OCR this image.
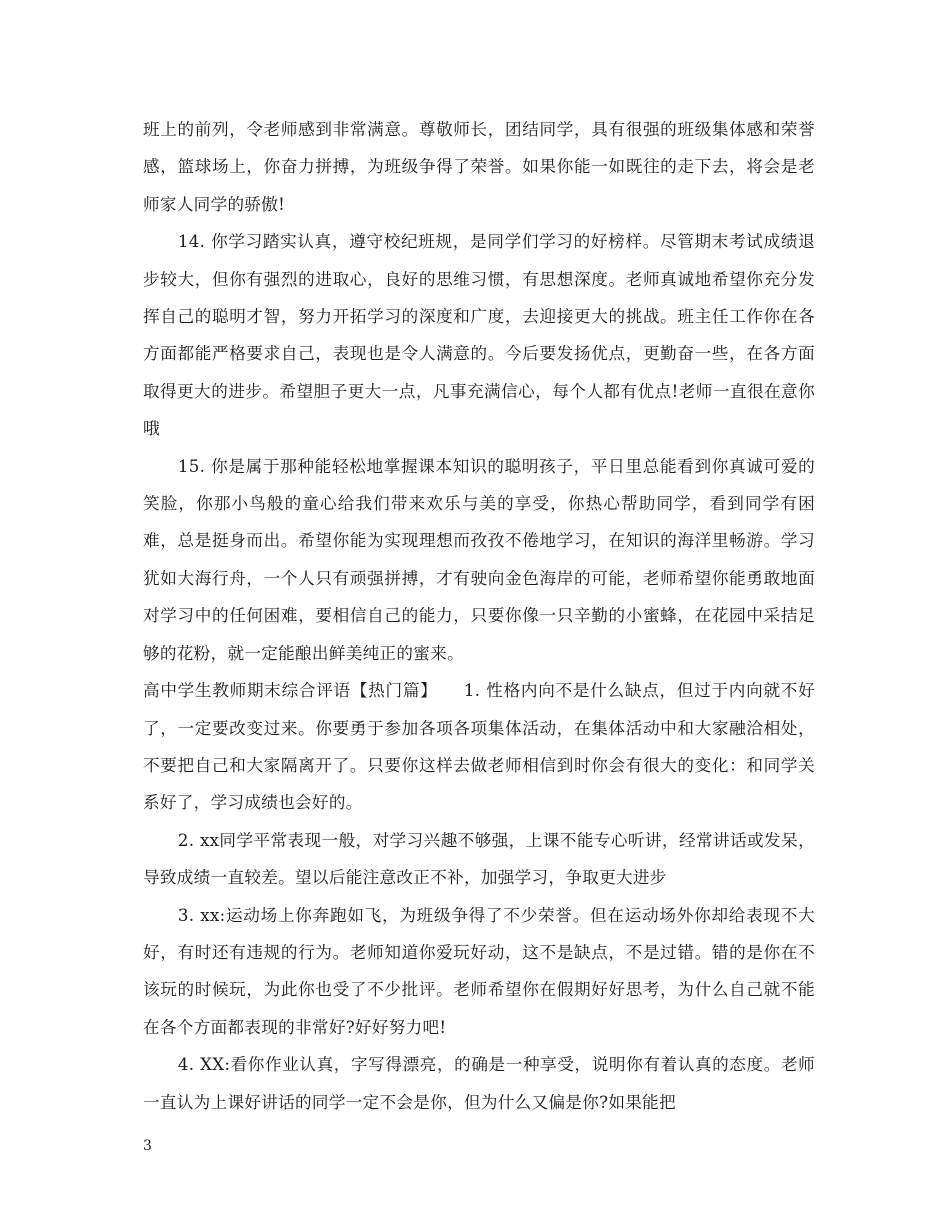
班上的前列，令老师感到非常满意。尊敬师长，团结同学，具有很强的班级集体感和荣誉感，篮球场上，你奋力拼搏，为班级争得了荣誉。如果你能一如既往的走下去，将会是老师家人同学的骄傲!

14. 你学习踏实认真，遵守校纪班规，是同学们学习的好榜样。尽管期末考试成绩退步较大，但你有强烈的进取心，良好的思维习惯，有思想深度。老师真诚地希望你充分发挥自己的聪明才智，努力开拓学习的深度和广度，去迎接更大的挑战。班主任工作你在各方面都能严格要求自己，表现也是令人满意的。今后要发扬优点，更勤奋一些，在各方面取得更大的进步。希望胆子更大一点，凡事充满信心，每个人都有优点!老师一直很在意你哦

15. 你是属于那种能轻松地掌握课本知识的聪明孩子，平日里总能看到你真诚可爱的笑脸，你那小鸟般的童心给我们带来欢乐与美的享受，你热心帮助同学，看到同学有困难，总是挺身而出。希望你能为实现理想而孜孜不倦地学习，在知识的海洋里畅游。学习犹如大海行舟，一个人只有顽强拼搏，才有驶向金色海岸的可能，老师希望你能勇敢地面对学习中的任何困难，要相信自己的能力，只要你像一只辛勤的小蜜蜂，在花园中采拮足够的花粉，就一定能酿出鲜美纯正的蜜来。

高中学生教师期末综合评语【热门篇】　　1. 性格内向不是什么缺点，但过于内向就不好了，一定要改变过来。你要勇于参加各项各项集体活动，在集体活动中和大家融洽相处，不要把自己和大家隔离开了。只要你这样去做老师相信到时你会有很大的变化：和同学关系好了，学习成绩也会好的。

2. xx同学平常表现一般，对学习兴趣不够强，上课不能专心听讲，经常讲话或发呆，导致成绩一直较差。望以后能注意改正不补，加强学习，争取更大进步

3. xx:运动场上你奔跑如飞，为班级争得了不少荣誉。但在运动场外你却给表现不大好，有时还有违规的行为。老师知道你爱玩好动，这不是缺点，不是过错。错的是你在不该玩的时候玩，为此你也受了不少批评。老师希望你在假期好好思考，为什么自己就不能在各个方面都表现的非常好?好好努力吧!

4. XX:看你作业认真，字写得漂亮，的确是一种享受，说明你有着认真的态度。老师一直认为上课好讲话的同学一定不会是你，但为什么又偏是你?如果能把

3
